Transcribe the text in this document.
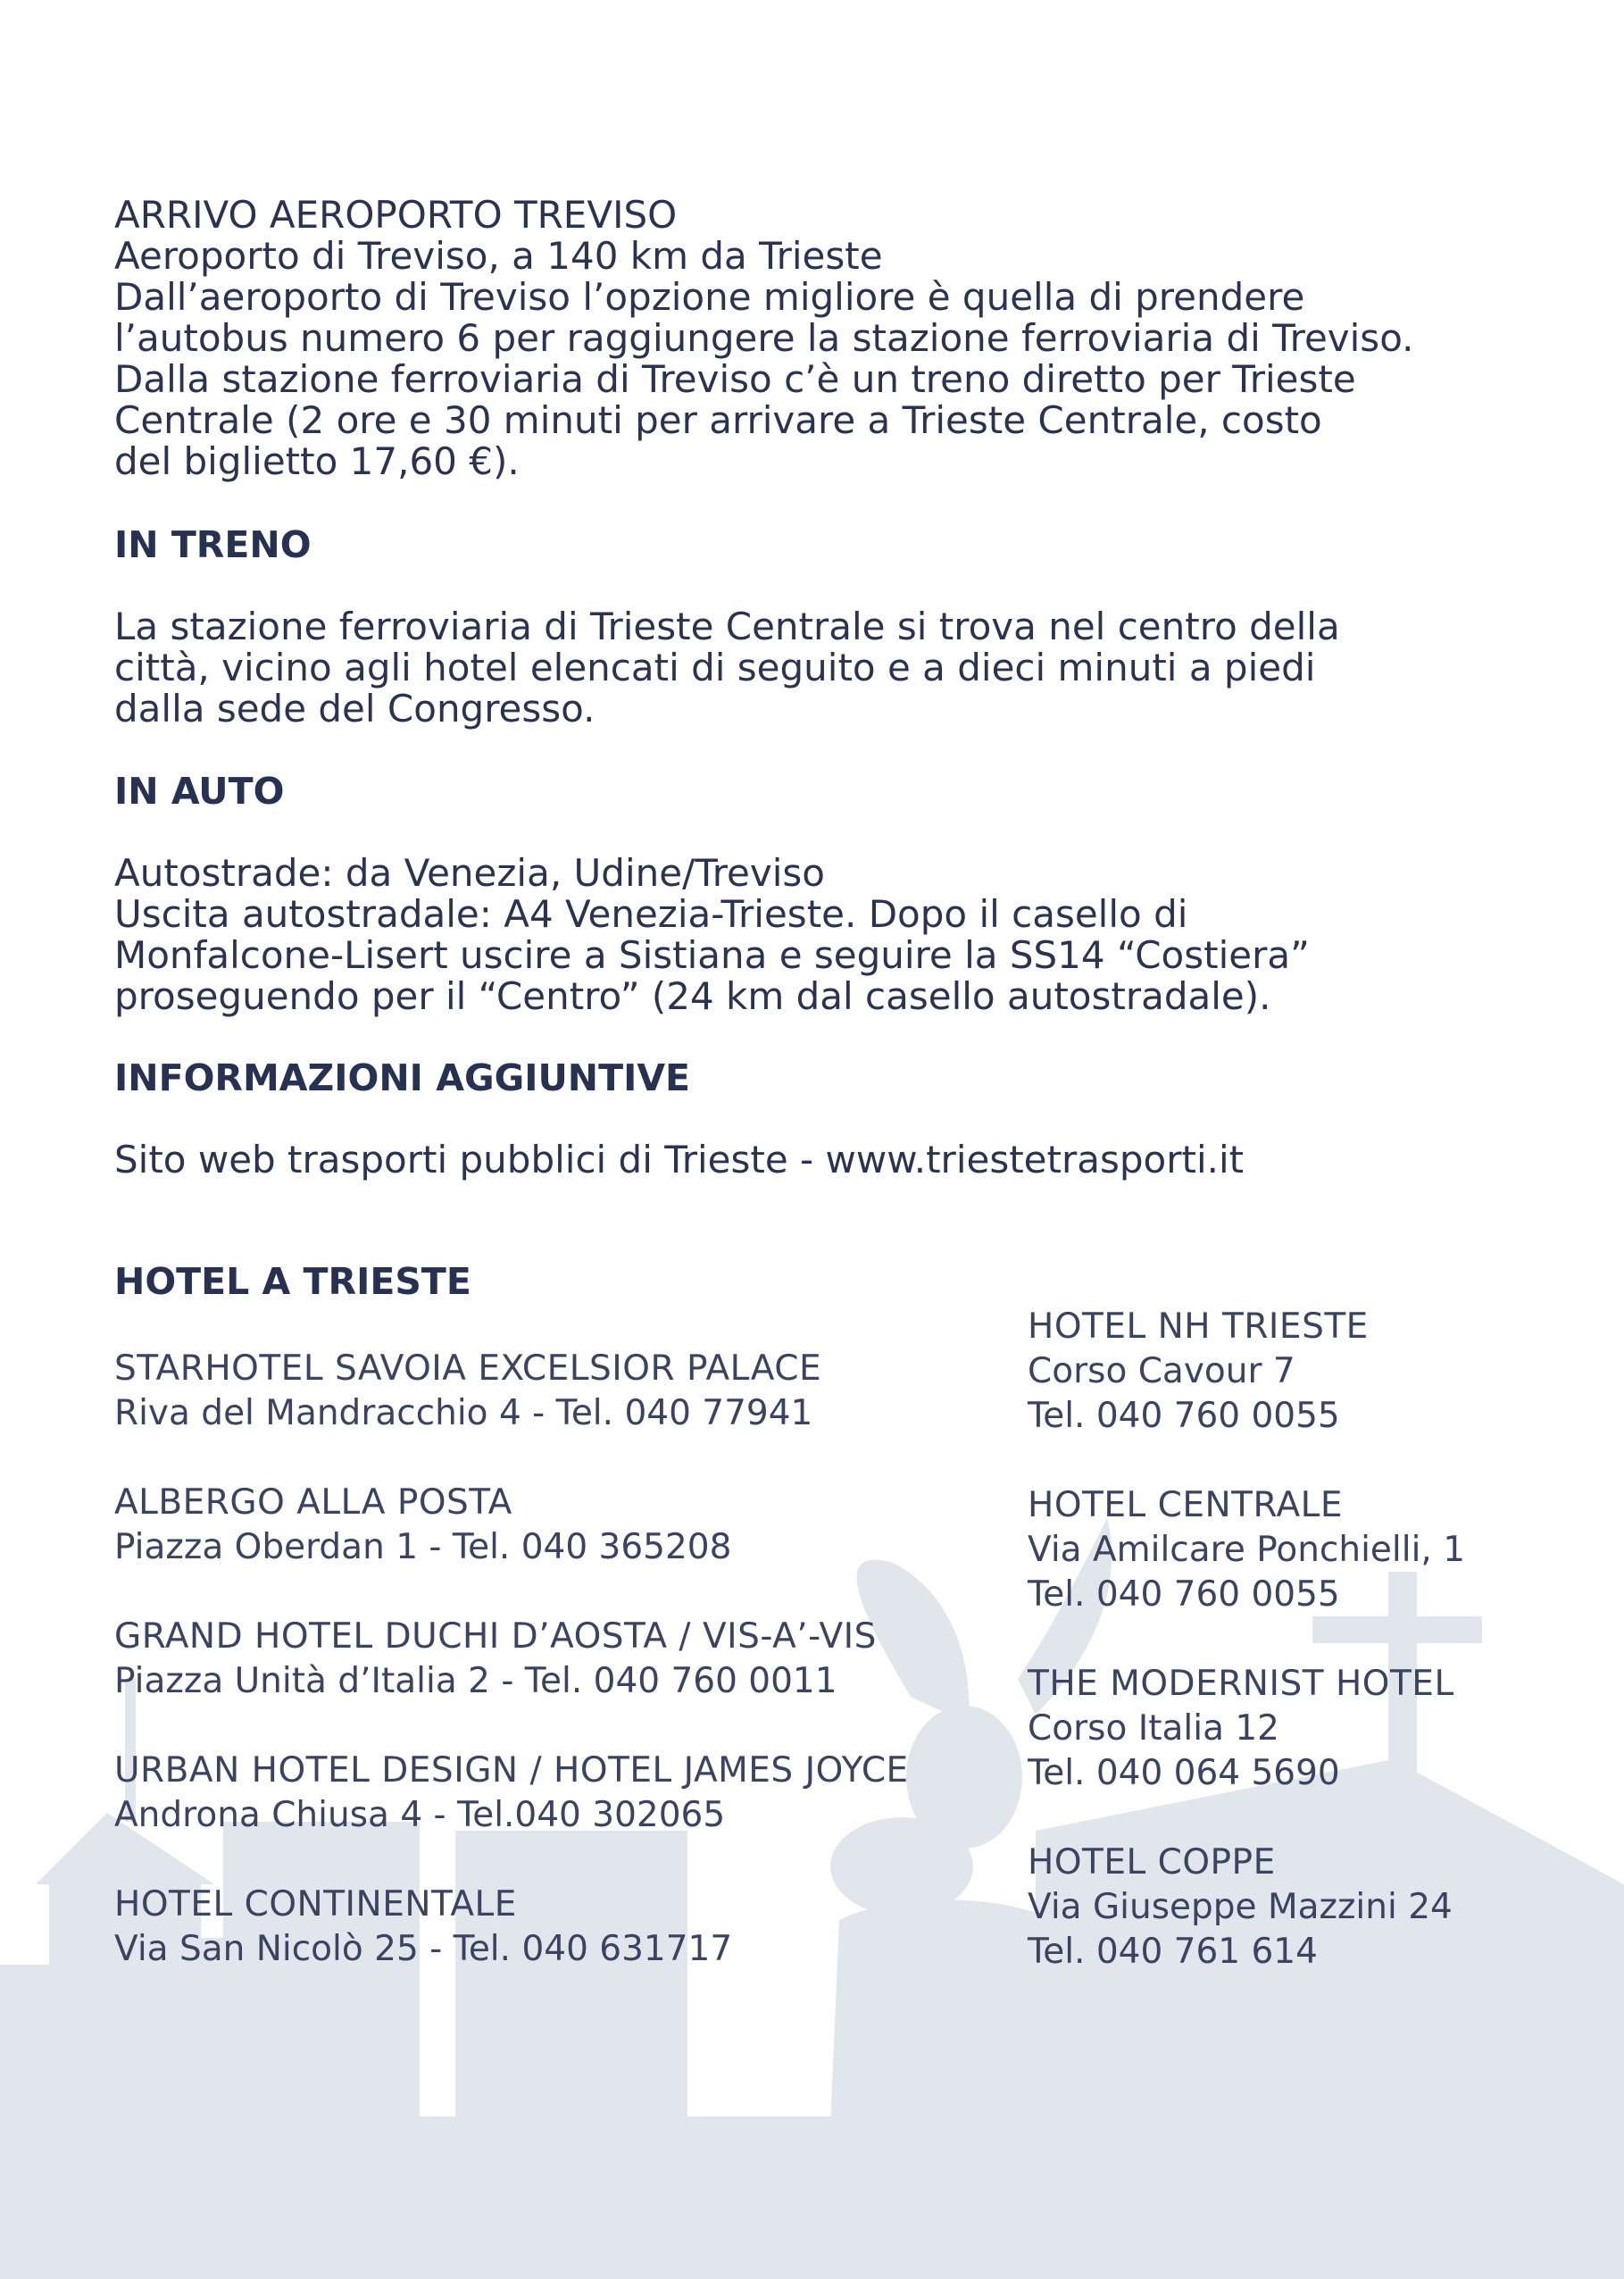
ARRIVO AEROPORTO TREVISO
Aeroporto di Treviso, a 140 km da Trieste
Dall’aeroporto di Treviso l’opzione migliore è quella di prendere
l’autobus numero 6 per raggiungere la stazione ferroviaria di Treviso.
Dalla stazione ferroviaria di Treviso c’è un treno diretto per Trieste
Centrale (2 ore e 30 minuti per arrivare a Trieste Centrale, costo
del biglietto 17,60 €).
IN TRENO
La stazione ferroviaria di Trieste Centrale si trova nel centro della
città, vicino agli hotel elencati di seguito e a dieci minuti a piedi
dalla sede del Congresso.
IN AUTO
Autostrade: da Venezia, Udine/Treviso
Uscita autostradale: A4 Venezia-Trieste. Dopo il casello di
Monfalcone-Lisert uscire a Sistiana e seguire la SS14 “Costiera”
proseguendo per il “Centro” (24 km dal casello autostradale).
INFORMAZIONI AGGIUNTIVE
Sito web trasporti pubblici di Trieste - www.triestetrasporti.it
HOTEL A TRIESTE
STARHOTEL SAVOIA EXCELSIOR PALACE
Riva del Mandracchio 4 - Tel. 040 77941
ALBERGO ALLA POSTA
Piazza Oberdan 1 - Tel. 040 365208
GRAND HOTEL DUCHI D’AOSTA / VIS-A’-VIS
Piazza Unità d’Italia 2 - Tel. 040 760 0011
URBAN HOTEL DESIGN / HOTEL JAMES JOYCE
Androna Chiusa 4 - Tel.040 302065
HOTEL CONTINENTALE
Via San Nicolò 25 - Tel. 040 631717
HOTEL NH TRIESTE
Corso Cavour 7
Tel. 040 760 0055
HOTEL CENTRALE
Via Amilcare Ponchielli, 1
Tel. 040 760 0055
THE MODERNIST HOTEL
Corso Italia 12
Tel. 040 064 5690
HOTEL COPPE
Via Giuseppe Mazzini 24
Tel. 040 761 614
